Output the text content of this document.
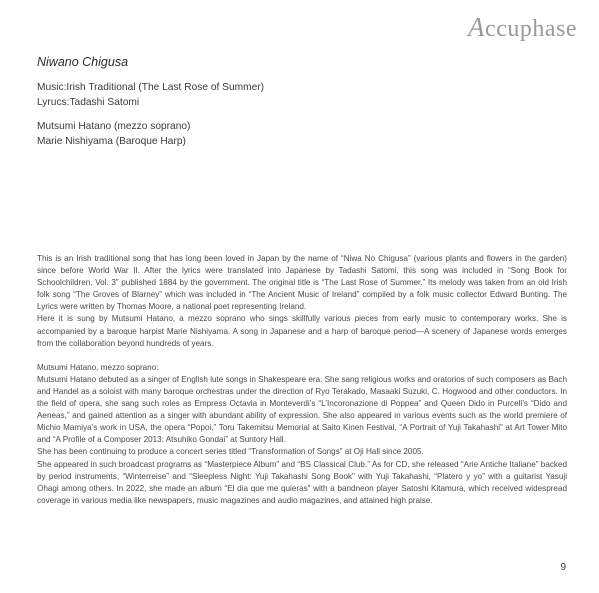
Accuphase

Niwano Chigusa

Music:Irish Traditional (The Last Rose of Summer)

Lyrucs:Tadashi Satomi

Mutsumi Hatano (mezzo soprano)

Marie Nishiyama (Baroque Harp)

This is an Irish traditional song that has long been loved in Japan by the name of “Niwa No Chigusa” (various plants and flowers in the garden) since before World War II. After the lyrics were translated into Japanese by Tadashi Satomi, this song was included in “Song Book for Schoolchildren, Vol. 3” published 1884 by the government. The original title is “The Last Rose of Summer.” Its melody was taken from an old Irish folk song “The Groves of Blarney” which was included in “The Ancient Music of Ireland” compiled by a folk music collector Edward Bunting. The Lyrics were written by Thomas Moore, a national poet representing Ireland.

Here it is sung by Mutsumi Hatano, a mezzo soprano who sings skillfully various pieces from early music to contemporary works. She is accompanied by a baroque harpist Marie Nishiyama. A song in Japanese and a harp of baroque period—A scenery of Japanese words emerges from the collaboration beyond hundreds of years.

Mutsumi Hatano, mezzo soprano:

Mutsumi Hatano debuted as a singer of English lute songs in Shakespeare era. She sang religious works and oratorios of such composers as Bach and Handel as a soloist with many baroque orchestras under the direction of Ryo Terakado, Masaaki Suzuki, C. Hogwood and other conductors. In the field of opera, she sang such roles as Empress Octavia in Monteverdi’s “L’Incoronazione di Poppea” and Queen Dido in Purcell’s “Dido and Aeneas,” and gained attention as a singer with abundant ability of expression. She also appeared in various events such as the world premiere of Michio Mamiya’s work in USA, the opera “Popoi,” Toru Takemitsu Memorial at Saito Kinen Festival, “A Portrait of Yuji Takahashi” at Art Tower Mito and “A Profile of a Composer 2013: Atsuhiko Gondai” at Suntory Hall.

She has been continuing to produce a concert series titled “Transformation of Songs” at Oji Hall since 2005.

She appeared in such broadcast programs as “Masterpiece Album” and “BS Classical Club.” As for CD, she released “Arie Antiche Italiane” backed by period instruments, “Winterreise” and “Sleepless Night: Yuji Takahashi Song Book” with Yuji Takahashi, “Platero y yo” with a guitarist Yasuji Ohagi among others. In 2022, she made an album “El dia que me quieras” with a bandneon player Satoshi Kitamura, which received widespread coverage in various media like newspapers, music magazines and audio magazines, and attained high praise.

9
